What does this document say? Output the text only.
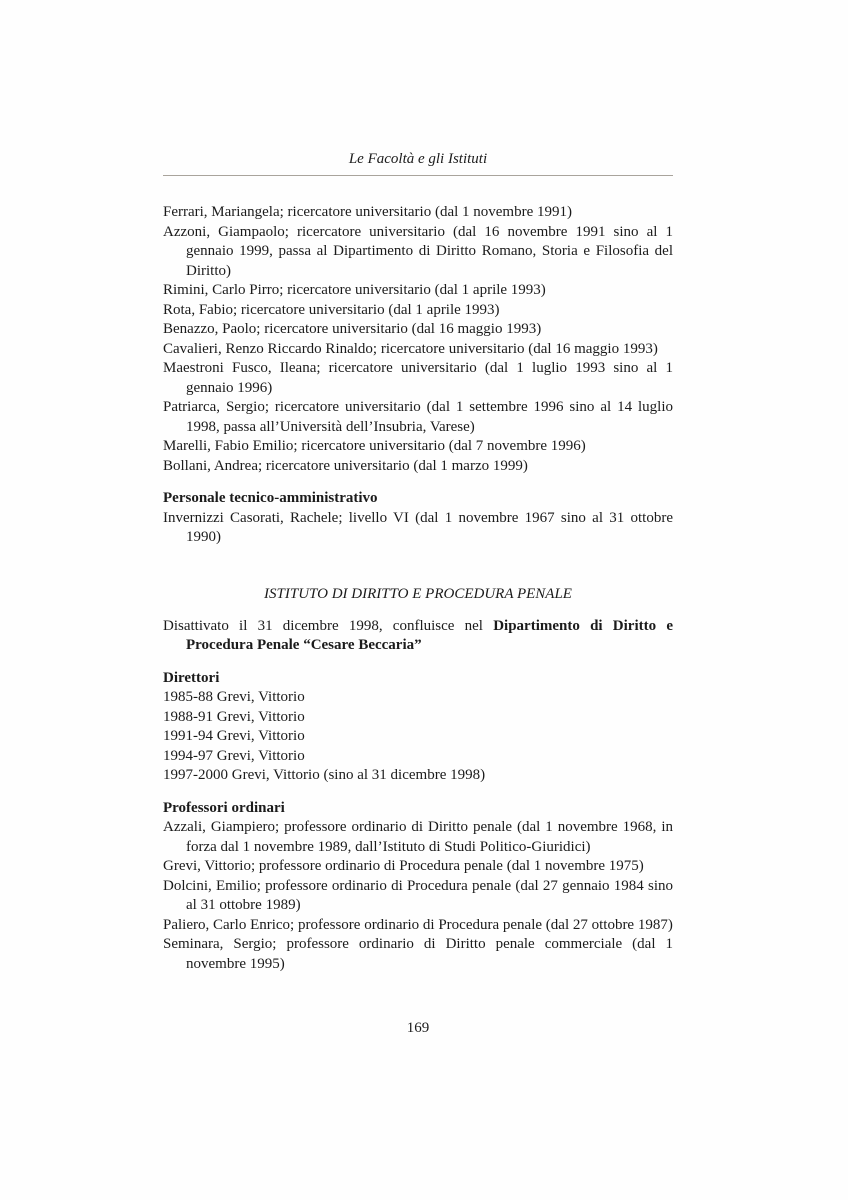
Le Facoltà e gli Istituti

Ferrari, Mariangela; ricercatore universitario (dal 1 novembre 1991)

Azzoni, Giampaolo; ricercatore universitario (dal 16 novembre 1991 sino al 1 gennaio 1999, passa al Dipartimento di Diritto Romano, Storia e Filosofia del Diritto)

Rimini, Carlo Pirro; ricercatore universitario (dal 1 aprile 1993)

Rota, Fabio; ricercatore universitario (dal 1 aprile 1993)

Benazzo, Paolo; ricercatore universitario (dal 16 maggio 1993)

Cavalieri, Renzo Riccardo Rinaldo; ricercatore universitario (dal 16 maggio 1993)

Maestroni Fusco, Ileana; ricercatore universitario (dal 1 luglio 1993 sino al 1 gennaio 1996)

Patriarca, Sergio; ricercatore universitario (dal 1 settembre 1996 sino al 14 luglio 1998, passa all’Università dell’Insubria, Varese)

Marelli, Fabio Emilio; ricercatore universitario (dal 7 novembre 1996)

Bollani, Andrea; ricercatore universitario (dal 1 marzo 1999)

Personale tecnico-amministrativo

Invernizzi Casorati, Rachele; livello VI (dal 1 novembre 1967 sino al 31 ottobre 1990)

ISTITUTO DI DIRITTO E PROCEDURA PENALE

Disattivato il 31 dicembre 1998, confluisce nel Dipartimento di Diritto e Procedura Penale “Cesare Beccaria”

Direttori

1985-88 Grevi, Vittorio

1988-91 Grevi, Vittorio

1991-94 Grevi, Vittorio

1994-97 Grevi, Vittorio

1997-2000 Grevi, Vittorio (sino al 31 dicembre 1998)

Professori ordinari

Azzali, Giampiero; professore ordinario di Diritto penale (dal 1 novembre 1968, in forza dal 1 novembre 1989, dall’Istituto di Studi Politico-Giuridici)

Grevi, Vittorio; professore ordinario di Procedura penale (dal 1 novembre 1975)

Dolcini, Emilio; professore ordinario di Procedura penale (dal 27 gennaio 1984 sino al 31 ottobre 1989)

Paliero, Carlo Enrico; professore ordinario di Procedura penale (dal 27 ottobre 1987)

Seminara, Sergio; professore ordinario di Diritto penale commerciale (dal 1 novembre 1995)

169
